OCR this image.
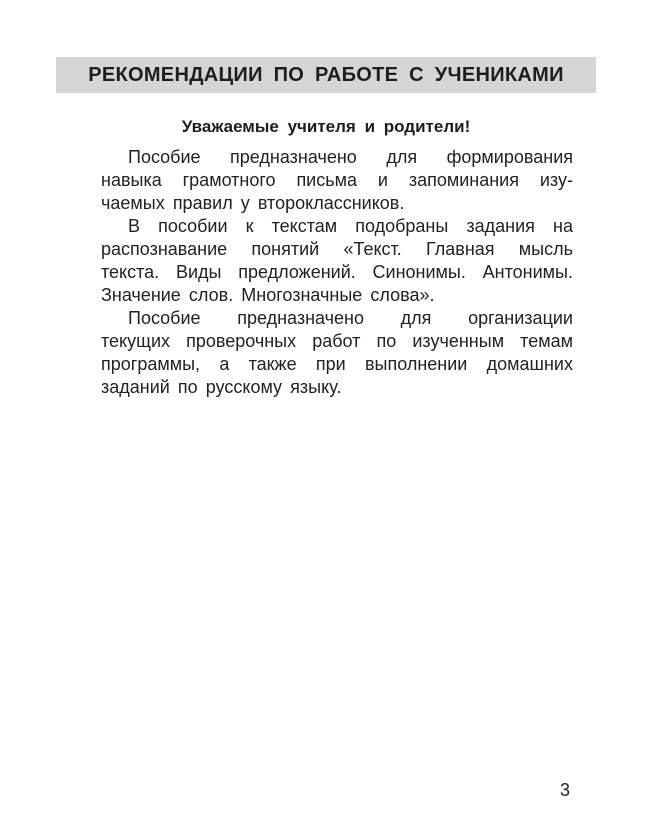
РЕКОМЕНДАЦИИ ПО РАБОТЕ С УЧЕНИКАМИ
Уважаемые учителя и родители!
Пособие предназначено для формирования
навыка грамотного письма и запоминания изу-
чаемых правил у второклассников.
В пособии к текстам подобраны задания на
распознавание понятий «Текст. Главная мысль
текста. Виды предложений. Синонимы. Антонимы.
Значение слов. Многозначные слова».
Пособие предназначено для организации
текущих проверочных работ по изученным темам
программы, а также при выполнении домашних
заданий по русскому языку.
3
